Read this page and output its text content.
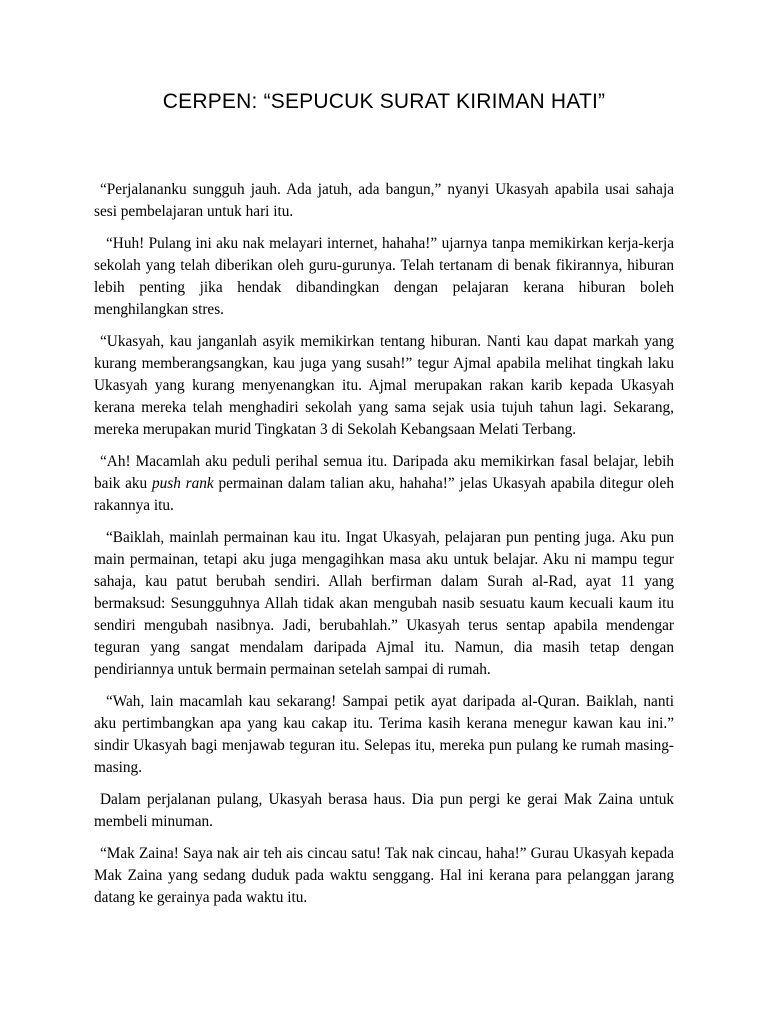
CERPEN: “SEPUCUK SURAT KIRIMAN HATI”

“Perjalananku sungguh jauh. Ada jatuh, ada bangun,” nyanyi Ukasyah apabila usai sahaja sesi pembelajaran untuk hari itu.

“Huh! Pulang ini aku nak melayari internet, hahaha!” ujarnya tanpa memikirkan kerja-kerja sekolah yang telah diberikan oleh guru-gurunya. Telah tertanam di benak fikirannya, hiburan lebih penting jika hendak dibandingkan dengan pelajaran kerana hiburan boleh menghilangkan stres.

“Ukasyah, kau janganlah asyik memikirkan tentang hiburan. Nanti kau dapat markah yang kurang memberangsangkan, kau juga yang susah!” tegur Ajmal apabila melihat tingkah laku Ukasyah yang kurang menyenangkan itu. Ajmal merupakan rakan karib kepada Ukasyah kerana mereka telah menghadiri sekolah yang sama sejak usia tujuh tahun lagi. Sekarang, mereka merupakan murid Tingkatan 3 di Sekolah Kebangsaan Melati Terbang.

“Ah! Macamlah aku peduli perihal semua itu. Daripada aku memikirkan fasal belajar, lebih baik aku push rank permainan dalam talian aku, hahaha!” jelas Ukasyah apabila ditegur oleh rakannya itu.

“Baiklah, mainlah permainan kau itu. Ingat Ukasyah, pelajaran pun penting juga. Aku pun main permainan, tetapi aku juga mengagihkan masa aku untuk belajar. Aku ni mampu tegur sahaja, kau patut berubah sendiri. Allah berfirman dalam Surah al-Rad, ayat 11 yang bermaksud: Sesungguhnya Allah tidak akan mengubah nasib sesuatu kaum kecuali kaum itu sendiri mengubah nasibnya. Jadi, berubahlah.” Ukasyah terus sentap apabila mendengar teguran yang sangat mendalam daripada Ajmal itu. Namun, dia masih tetap dengan pendiriannya untuk bermain permainan setelah sampai di rumah.

“Wah, lain macamlah kau sekarang! Sampai petik ayat daripada al-Quran. Baiklah, nanti aku pertimbangkan apa yang kau cakap itu. Terima kasih kerana menegur kawan kau ini.” sindir Ukasyah bagi menjawab teguran itu. Selepas itu, mereka pun pulang ke rumah masing-masing.

Dalam perjalanan pulang, Ukasyah berasa haus. Dia pun pergi ke gerai Mak Zaina untuk membeli minuman.

“Mak Zaina! Saya nak air teh ais cincau satu! Tak nak cincau, haha!” Gurau Ukasyah kepada Mak Zaina yang sedang duduk pada waktu senggang. Hal ini kerana para pelanggan jarang datang ke gerainya pada waktu itu.
